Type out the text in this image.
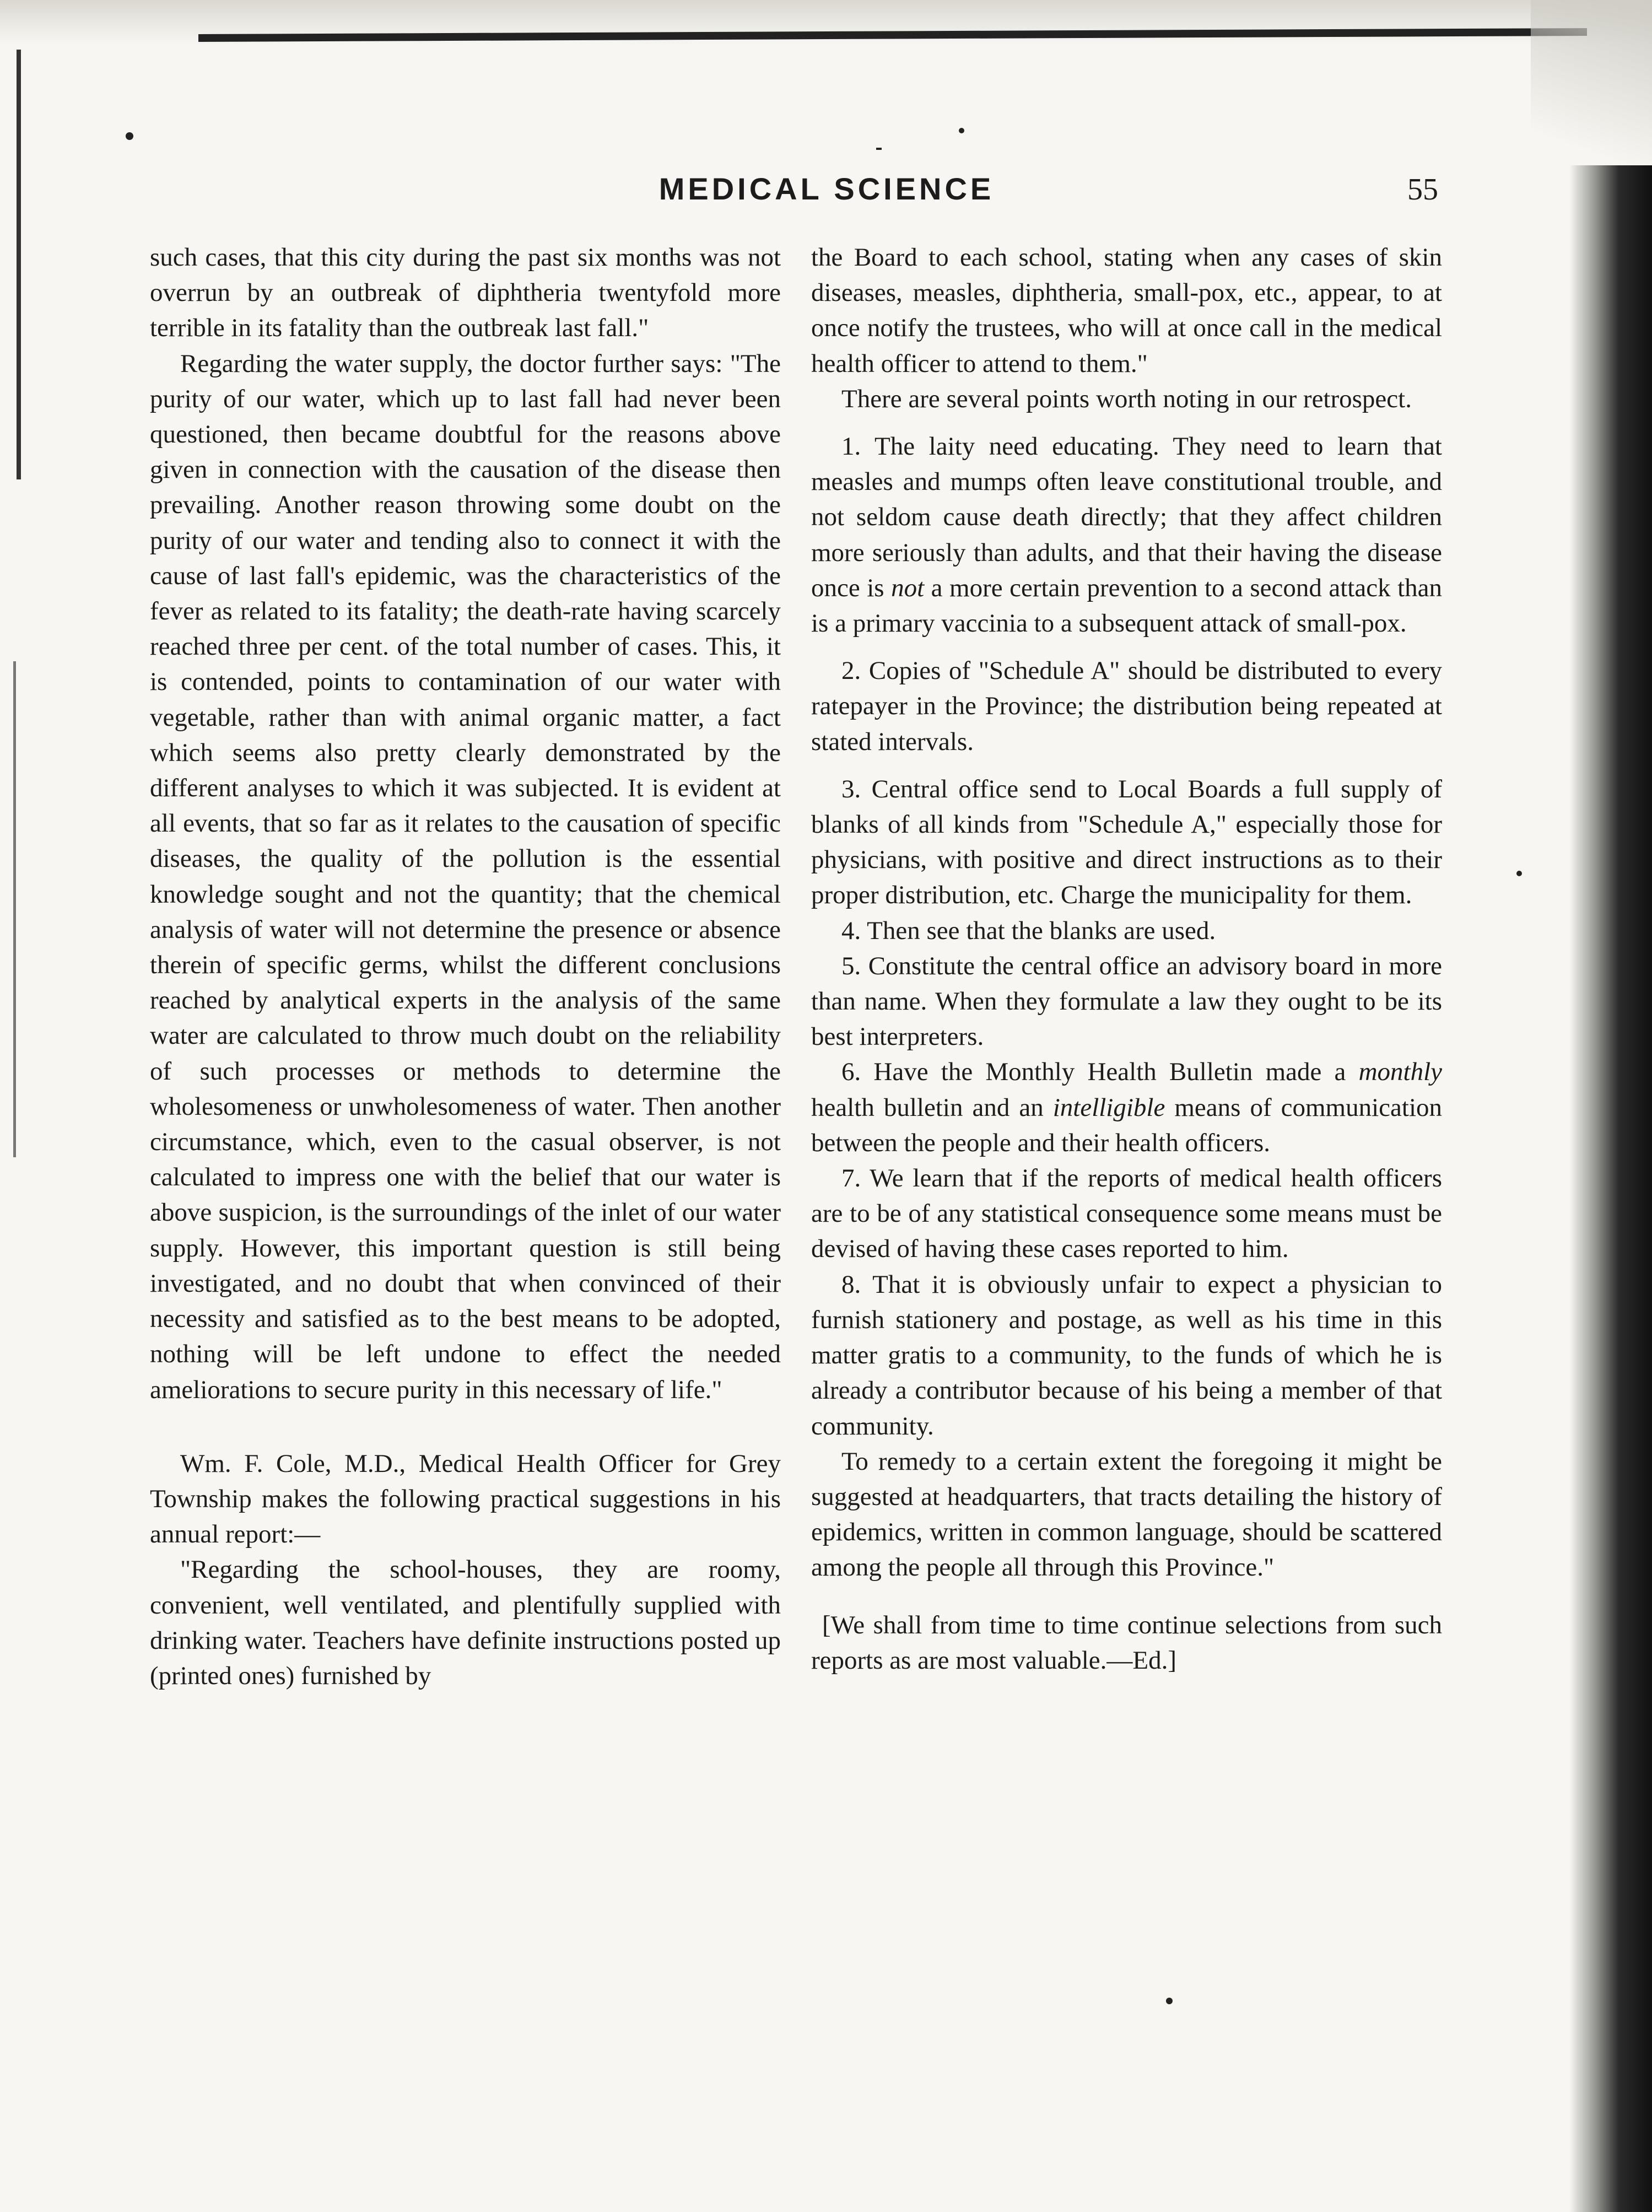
MEDICAL SCIENCE	55

such cases, that this city during the past six months was not overrun by an outbreak of diphtheria twentyfold more terrible in its fatality than the outbreak last fall."

Regarding the water supply, the doctor further says: "The purity of our water, which up to last fall had never been questioned, then became doubtful for the reasons above given in connection with the causation of the disease then prevailing. Another reason throwing some doubt on the purity of our water and tending also to connect it with the cause of last fall's epidemic, was the characteristics of the fever as related to its fatality; the death-rate having scarcely reached three per cent. of the total number of cases. This, it is contended, points to contamination of our water with vegetable, rather than with animal organic matter, a fact which seems also pretty clearly demonstrated by the different analyses to which it was subjected. It is evident at all events, that so far as it relates to the causation of specific diseases, the quality of the pollution is the essential knowledge sought and not the quantity; that the chemical analysis of water will not determine the presence or absence therein of specific germs, whilst the different conclusions reached by analytical experts in the analysis of the same water are calculated to throw much doubt on the reliability of such processes or methods to determine the wholesomeness or unwholesomeness of water. Then another circumstance, which, even to the casual observer, is not calculated to impress one with the belief that our water is above suspicion, is the surroundings of the inlet of our water supply. However, this important question is still being investigated, and no doubt that when convinced of their necessity and satisfied as to the best means to be adopted, nothing will be left undone to effect the needed ameliorations to secure purity in this necessary of life."

Wm. F. Cole, M.D., Medical Health Officer for Grey Township makes the following practical suggestions in his annual report:—

"Regarding the school-houses, they are roomy, convenient, well ventilated, and plentifully supplied with drinking water. Teachers have definite instructions posted up (printed ones) furnished by

the Board to each school, stating when any cases of skin diseases, measles, diphtheria, small-pox, etc., appear, to at once notify the trustees, who will at once call in the medical health officer to attend to them."

There are several points worth noting in our retrospect.

1. The laity need educating. They need to learn that measles and mumps often leave constitutional trouble, and not seldom cause death directly; that they affect children more seriously than adults, and that their having the disease once is not a more certain prevention to a second attack than is a primary vaccinia to a subsequent attack of small-pox.

2. Copies of "Schedule A" should be distributed to every ratepayer in the Province; the distribution being repeated at stated intervals.

3. Central office send to Local Boards a full supply of blanks of all kinds from "Schedule A," especially those for physicians, with positive and direct instructions as to their proper distribution, etc. Charge the municipality for them.

4. Then see that the blanks are used.

5. Constitute the central office an advisory board in more than name. When they formulate a law they ought to be its best interpreters.

6. Have the Monthly Health Bulletin made a monthly health bulletin and an intelligible means of communication between the people and their health officers.

7. We learn that if the reports of medical health officers are to be of any statistical consequence some means must be devised of having these cases reported to him.

8. That it is obviously unfair to expect a physician to furnish stationery and postage, as well as his time in this matter gratis to a community, to the funds of which he is already a contributor because of his being a member of that community.

To remedy to a certain extent the foregoing it might be suggested at headquarters, that tracts detailing the history of epidemics, written in common language, should be scattered among the people all through this Province."

[We shall from time to time continue selections from such reports as are most valuable.—Ed.]
